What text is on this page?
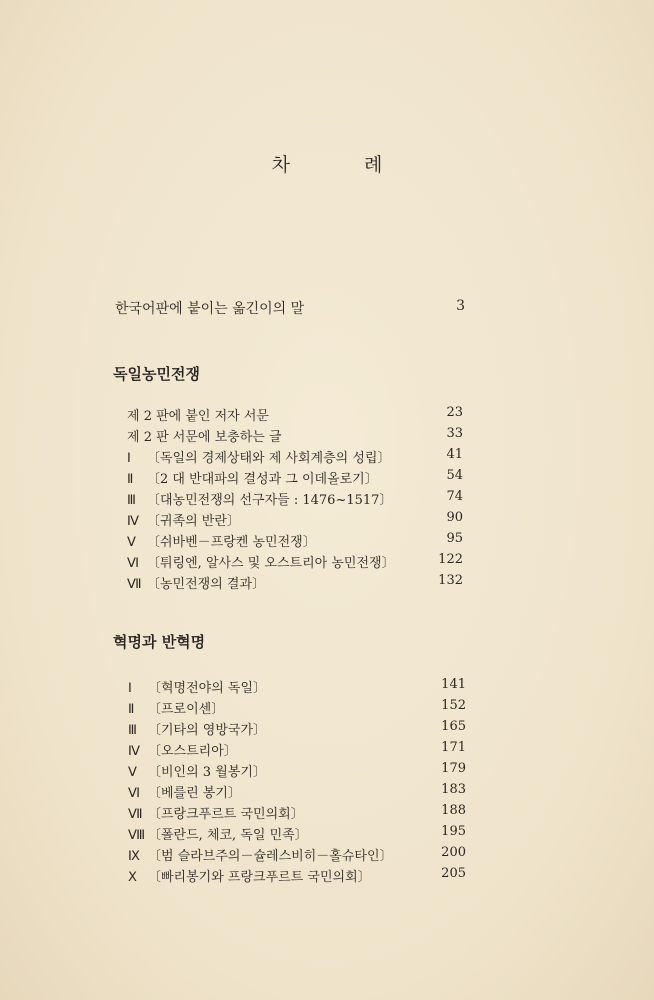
차 례
한국어판에 붙이는 옮긴이의 말	3
독일농민전쟁
제 2 판에 붙인 저자 서문	23
제 2 판 서문에 보충하는 글	33
Ⅰ 〔독일의 경제상태와 제 사회계층의 성립〕	41
Ⅱ 〔2 대 반대파의 결성과 그 이데올로기〕	54
Ⅲ 〔대농민전쟁의 선구자들 : 1476~1517〕	74
Ⅳ 〔귀족의 반란〕	90
Ⅴ 〔쉬바벤－프랑켄 농민전쟁〕	95
Ⅵ 〔튀링엔, 알사스 및 오스트리아 농민전쟁〕	122
Ⅶ 〔농민전쟁의 결과〕	132
혁명과 반혁명
Ⅰ 〔혁명전야의 독일〕	141
Ⅱ 〔프로이센〕	152
Ⅲ 〔기타의 영방국가〕	165
Ⅳ 〔오스트리아〕	171
Ⅴ 〔비인의 3 월봉기〕	179
Ⅵ 〔베를린 봉기〕	183
Ⅶ 〔프랑크푸르트 국민의회〕	188
Ⅷ 〔폴란드, 체코, 독일 민족〕	195
Ⅸ 〔범 슬라브주의－슐레스비히－홀슈타인〕	200
Ⅹ 〔빠리봉기와 프랑크푸르트 국민의회〕	205
